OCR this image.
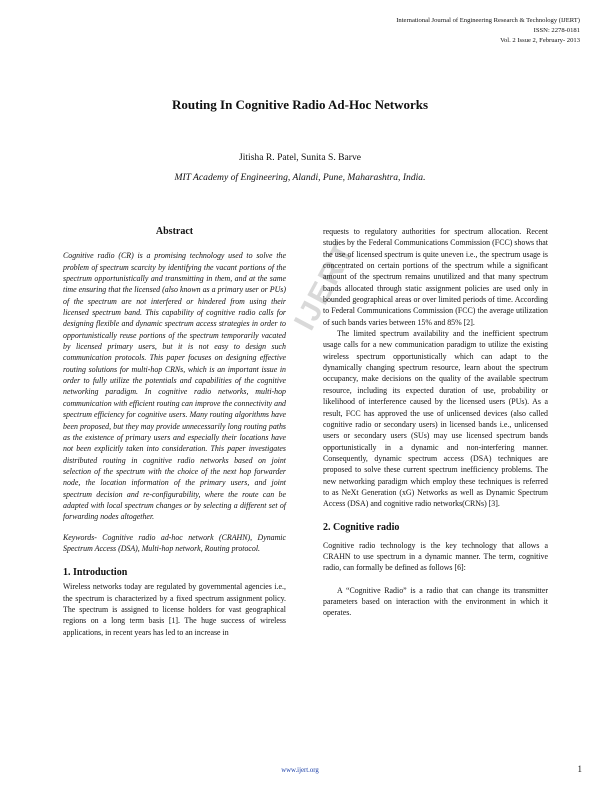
International Journal of Engineering Research & Technology (IJERT)
ISSN: 2278-0181
Vol. 2 Issue 2, February- 2013
IJERT
Routing In Cognitive Radio Ad-Hoc Networks
Jitisha R. Patel, Sunita S. Barve
MIT Academy of Engineering, Alandi, Pune, Maharashtra, India.
Abstract

Cognitive radio (CR) is a promising technology used to solve the problem of spectrum scarcity by identifying the vacant portions of the spectrum opportunistically and transmitting in them, and at the same time ensuring that the licensed (also known as a primary user or PUs) of the spectrum are not interfered or hindered from using their licensed spectrum band. This capability of cognitive radio calls for designing flexible and dynamic spectrum access strategies in order to opportunistically reuse portions of the spectrum temporarily vacated by licensed primary users, but it is not easy to design such communication protocols. This paper focuses on designing effective routing solutions for multi-hop CRNs, which is an important issue in order to fully utilize the potentials and capabilities of the cognitive networking paradigm. In cognitive radio networks, multi-hop communication with efficient routing can improve the connectivity and spectrum efficiency for cognitive users. Many routing algorithms have been proposed, but they may provide unnecessarily long routing paths as the existence of primary users and especially their locations have not been explicitly taken into consideration. This paper investigates distributed routing in cognitive radio networks based on joint selection of the spectrum with the choice of the next hop forwarder node, the location information of the primary users, and joint spectrum decision and re-configurability, where the route can be adapted with local spectrum changes or by selecting a different set of forwarding nodes altogether.

Keywords- Cognitive radio ad-hoc network (CRAHN), Dynamic Spectrum Access (DSA), Multi-hop network, Routing protocol.

1. Introduction

Wireless networks today are regulated by governmental agencies i.e., the spectrum is characterized by a fixed spectrum assignment policy. The spectrum is assigned to license holders for vast geographical regions on a long term basis [1]. The huge success of wireless applications, in recent years has led to an increase in

requests to regulatory authorities for spectrum allocation. Recent studies by the Federal Communications Commission (FCC) shows that the use of licensed spectrum is quite uneven i.e., the spectrum usage is concentrated on certain portions of the spectrum while a significant amount of the spectrum remains unutilized and that many spectrum bands allocated through static assignment policies are used only in bounded geographical areas or over limited periods of time. According to Federal Communications Commission (FCC) the average utilization of such bands varies between 15% and 85% [2].

The limited spectrum availability and the inefficient spectrum usage calls for a new communication paradigm to utilize the existing wireless spectrum opportunistically which can adapt to the dynamically changing spectrum resource, learn about the spectrum occupancy, make decisions on the quality of the available spectrum resource, including its expected duration of use, probability or likelihood of interference caused by the licensed users (PUs). As a result, FCC has approved the use of unlicensed devices (also called cognitive radio or secondary users) in licensed bands i.e., unlicensed users or secondary users (SUs) may use licensed spectrum bands opportunistically in a dynamic and non-interfering manner. Consequently, dynamic spectrum access (DSA) techniques are proposed to solve these current spectrum inefficiency problems. The new networking paradigm which employ these techniques is referred to as NeXt Generation (xG) Networks as well as Dynamic Spectrum Access (DSA) and cognitive radio networks(CRNs) [3].

2. Cognitive radio

Cognitive radio technology is the key technology that allows a CRAHN to use spectrum in a dynamic manner. The term, cognitive radio, can formally be defined as follows [6]:

A “Cognitive Radio” is a radio that can change its transmitter parameters based on interaction with the environment in which it operates.

www.ijert.org	1
